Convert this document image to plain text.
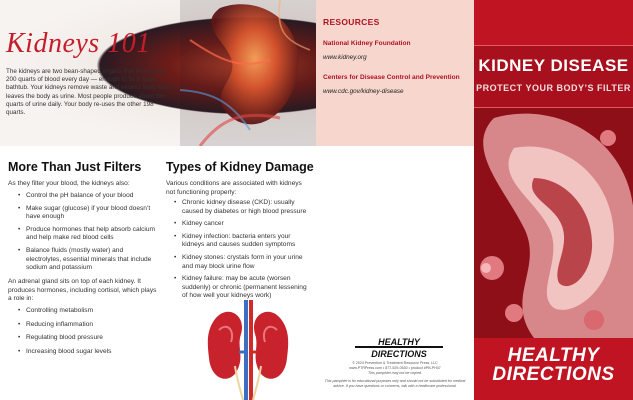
Kidneys 101

The kidneys are two bean-shaped organs that filter about 200 quarts of blood every day — enough to fill a large bathtub. Your kidneys remove waste and excess fluid, which leaves the body as urine. Most people produce about two quarts of urine daily. Your body re-uses the other 198 quarts.

RESOURCES
National Kidney Foundation
www.kidney.org
Centers for Disease Control and Prevention
www.cdc.gov/kidney-disease
KIDNEY DISEASE
PROTECT YOUR BODY’S FILTER
HEALTHY
DIRECTIONS
More Than Just Filters

As they filter your blood, the kidneys also:

• Control the pH balance of your blood
• Make sugar (glucose) if your blood doesn’t have enough
• Produce hormones that help absorb calcium and help make red blood cells
• Balance fluids (mostly water) and electrolytes, essential minerals that include sodium and potassium

An adrenal gland sits on top of each kidney. It produces hormones, including cortisol, which plays a role in:

• Controlling metabolism
• Reducing inflammation
• Regulating blood pressure
• Increasing blood sugar levels
Types of Kidney Damage

Various conditions are associated with kidneys not functioning properly:

• Chronic kidney disease (CKD): usually caused by diabetes or high blood pressure
• Kidney cancer
• Kidney infection: bacteria enters your kidneys and causes sudden symptoms
• Kidney stones: crystals form in your urine and may block urine flow
• Kidney failure: may be acute (worsen suddenly) or chronic (permanent lessening of how well your kidneys work)
HEALTHY
DIRECTIONS
© 2024 Prevention & Treatment Resource Press, LLC
www.PTRPress.com • 877-529-0530 • product #PB-PH47
This pamphlet may not be copied.
This pamphlet is for educational purposes only and should not be substituted for medical advice. If you have questions or concerns, talk with a healthcare professional.
